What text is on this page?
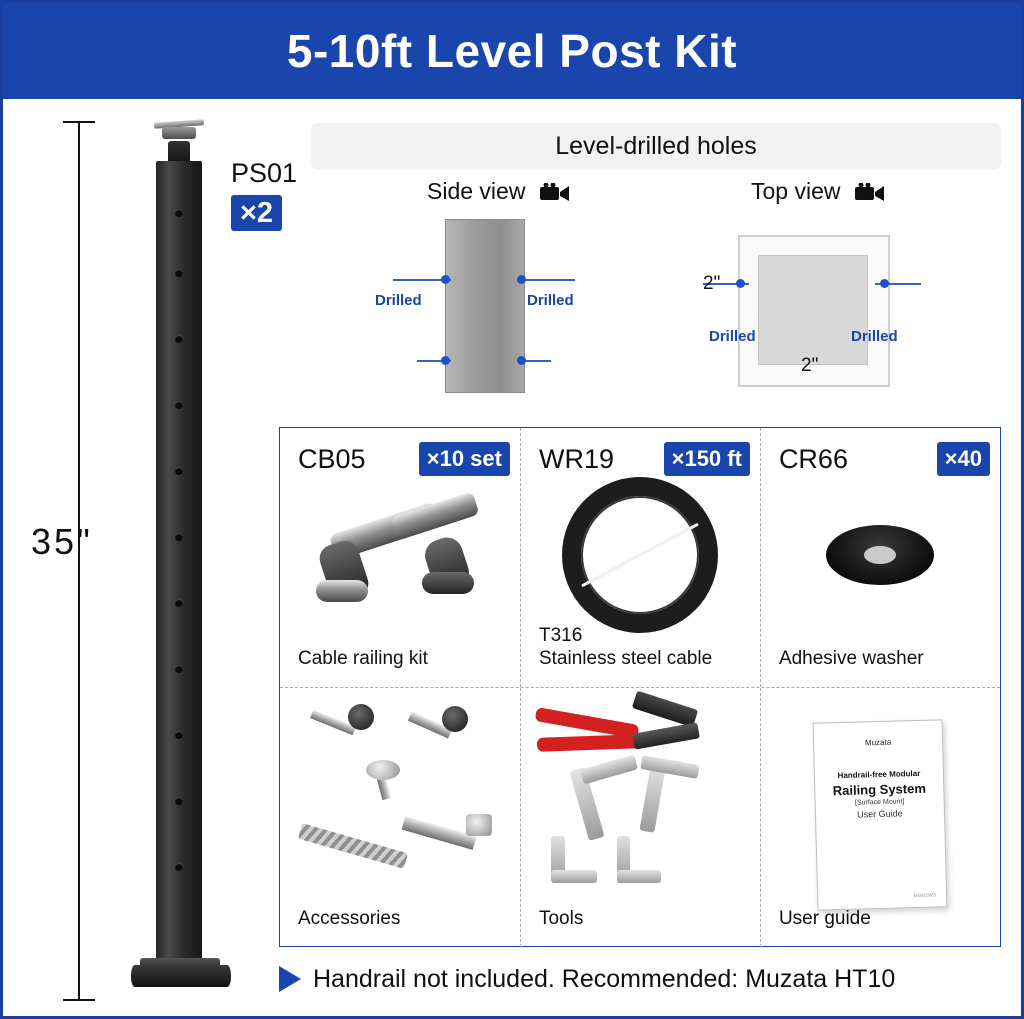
5-10ft Level Post Kit
35"
PS01
×2
Level-drilled holes
Side view	Top view
Drilled	Drilled
Drilled	Drilled
2"
2"
CB05	×10 set
Cable railing kit
WR19	×150 ft
T316
Stainless steel cable
CR66	×40
Adhesive washer
Accessories	Tools
Muzata
Handrail-free Modular
Railing System
[Surface Mount]
User Guide
MSM2WS
User guide
Handrail not included. Recommended: Muzata HT10
